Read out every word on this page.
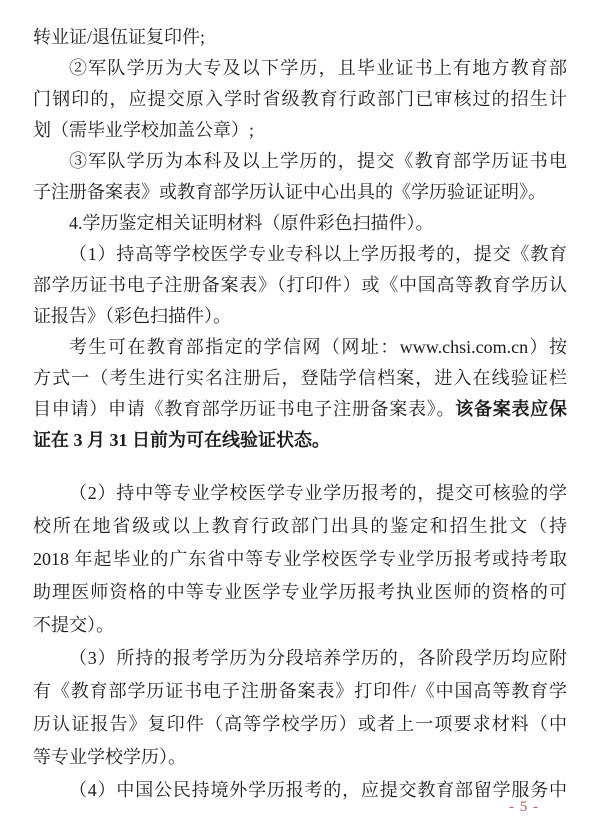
转业证/退伍证复印件;
②军队学历为大专及以下学历，且毕业证书上有地方教育部
门钢印的，应提交原入学时省级教育行政部门已审核过的招生计
划（需毕业学校加盖公章）;
③军队学历为本科及以上学历的，提交《教育部学历证书电
子注册备案表》或教育部学历认证中心出具的《学历验证证明》。
4.学历鉴定相关证明材料（原件彩色扫描件）。
（1）持高等学校医学专业专科以上学历报考的，提交《教育
部学历证书电子注册备案表》（打印件）或《中国高等教育学历认
证报告》（彩色扫描件）。
考生可在教育部指定的学信网（网址：www.chsi.com.cn）按
方式一（考生进行实名注册后，登陆学信档案，进入在线验证栏
目申请）申请《教育部学历证书电子注册备案表》。该备案表应保
证在 3 月 31 日前为可在线验证状态。
（2）持中等专业学校医学专业学历报考的，提交可核验的学
校所在地省级或以上教育行政部门出具的鉴定和招生批文（持
2018 年起毕业的广东省中等专业学校医学专业学历报考或持考取
助理医师资格的中等专业医学专业学历报考执业医师的资格的可
不提交）。
（3）所持的报考学历为分段培养学历的，各阶段学历均应附
有《教育部学历证书电子注册备案表》打印件/《中国高等教育学
历认证报告》复印件（高等学校学历）或者上一项要求材料（中
等专业学校学历）。
（4）中国公民持境外学历报考的，应提交教育部留学服务中
- 5 -
